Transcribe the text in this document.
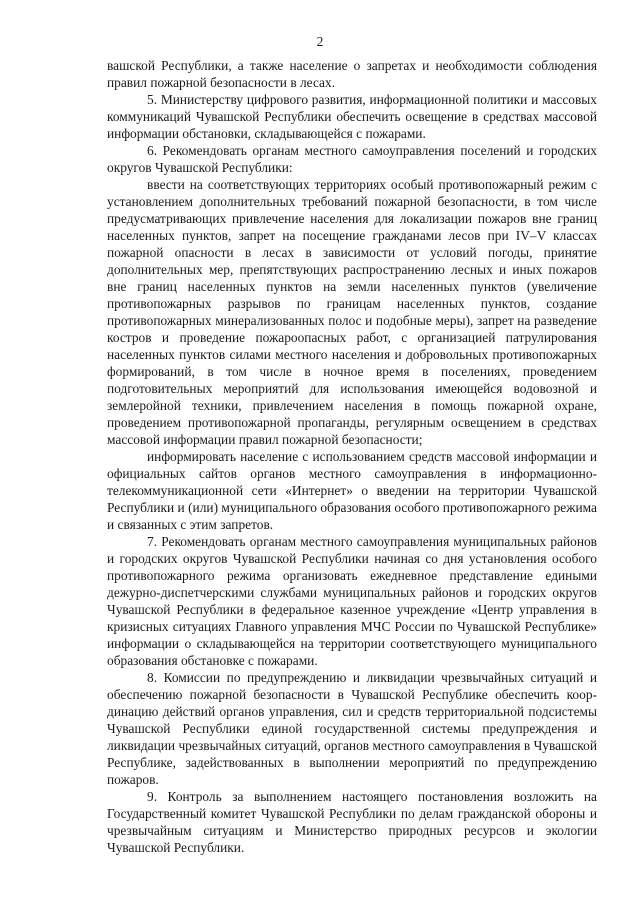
2

вашской Республики, а также население о запретах и необходимости соблюдения правил пожарной безопасности в лесах.

5. Министерству цифрового развития, информационной политики и массовых коммуникаций Чувашской Республики обеспечить освещение в средствах массовой информации обстановки, складывающейся с пожарами.

6. Рекомендовать органам местного самоуправления поселений и городских округов Чувашской Республики:

ввести на соответствующих территориях особый противопожарный режим с установлением дополнительных требований пожарной безопасности, в том числе предусматривающих привлечение населения для локализации пожаров вне границ населенных пунктов, запрет на посещение гражданами лесов при IV–V классах пожарной опасности в лесах в зависимости от условий погоды, принятие дополнительных мер, препятствующих распространению лесных и иных пожаров вне границ населенных пунктов на земли населенных пунктов (увеличение противопожарных разрывов по границам населенных пунктов, создание противопожарных минерализованных полос и подобные меры), запрет на разведение костров и проведение пожароопасных работ, с организацией патрулирования населенных пунктов силами местного населения и добровольных противопожарных формирований, в том числе в ночное время в поселениях, проведением подготовительных мероприятий для использования имеющейся водовозной и землеройной техники, привлечением населения в помощь пожарной охране, проведением противопожарной пропаганды, регулярным освещением в средствах массовой информации правил пожарной безопасности;

информировать население с использованием средств массовой информации и официальных сайтов органов местного самоуправления в информационно-телекоммуникационной сети «Интернет» о введении на территории Чувашской Республики и (или) муниципального образования особого противопожарного режима и связанных с этим запретов.

7. Рекомендовать органам местного самоуправления муниципальных районов и городских округов Чувашской Республики начиная со дня установления особого противопожарного режима организовать ежедневное представление едиными дежурно-диспетчерскими службами муниципальных районов и городских округов Чувашской Республики в федеральное казенное учреждение «Центр управления в кризисных ситуациях Главного управления МЧС России по Чувашской Республике» информации о складывающейся на территории соответствующего муниципального образования обстановке с пожарами.

8. Комиссии по предупреждению и ликвидации чрезвычайных ситуаций и обеспечению пожарной безопасности в Чувашской Республике обеспечить координацию действий органов управления, сил и средств территориальной подсистемы Чувашской Республики единой государственной системы предупреждения и ликвидации чрезвычайных ситуаций, органов местного самоуправления в Чувашской Республике, задействованных в выполнении мероприятий по предупреждению пожаров.

9. Контроль за выполнением настоящего постановления возложить на Государственный комитет Чувашской Республики по делам гражданской обороны и чрезвычайным ситуациям и Министерство природных ресурсов и экологии Чувашской Республики.
